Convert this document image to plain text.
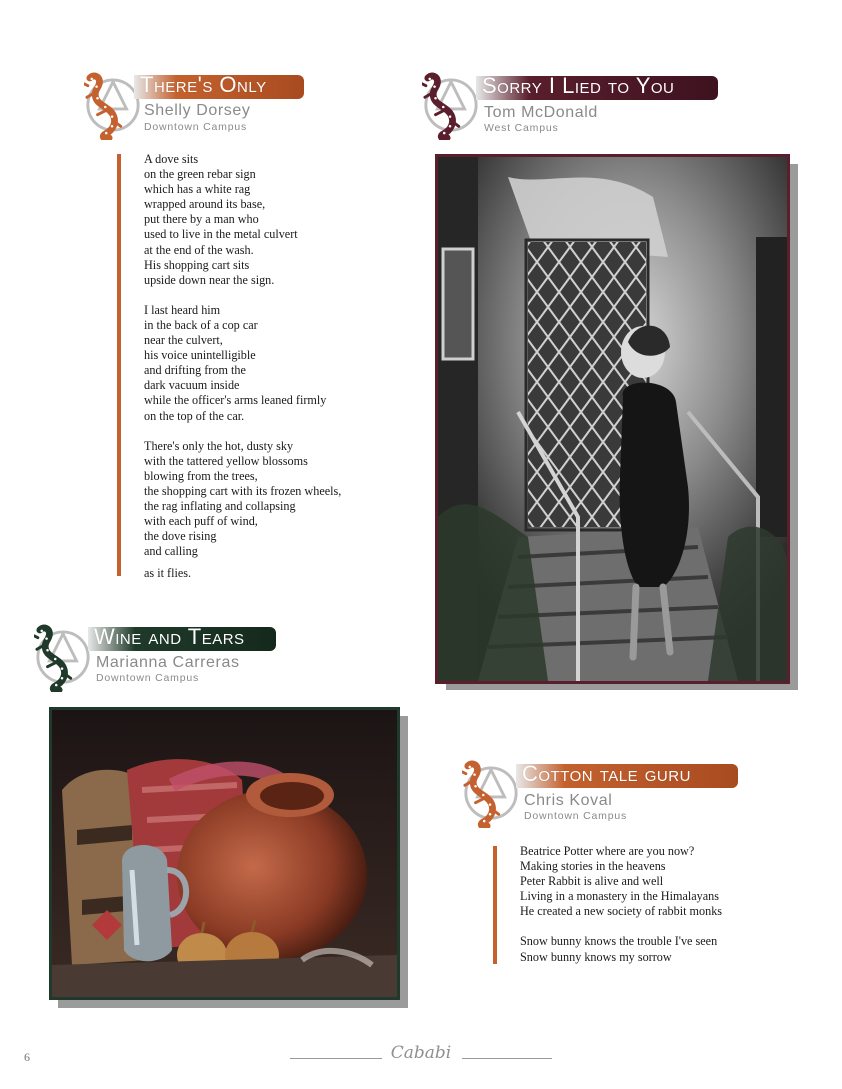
There's Only
Shelly Dorsey
Downtown Campus
A dove sits
on the green rebar sign
which has a white rag
wrapped around its base,
put there by a man who
used to live in the metal culvert
at the end of the wash.
His shopping cart sits
upside down near the sign.
I last heard him
in the back of a cop car
near the culvert,
his voice unintelligible
and drifting from the
dark vacuum inside
while the officer's arms leaned firmly
on the top of the car.
There's only the hot, dusty sky
with the tattered yellow blossoms
blowing from the trees,
the shopping cart with its frozen wheels,
the rag inflating and collapsing
with each puff of wind,
the dove rising
and calling
as it flies.
Sorry I Lied to You
Tom McDonald
West Campus
Wine and Tears
Marianna Carreras
Downtown Campus
Cotton tale guru
Chris Koval
Downtown Campus
Beatrice Potter where are you now?
Making stories in the heavens
Peter Rabbit is alive and well
Living in a monastery in the Himalayans
He created a new society of rabbit monks
Snow bunny knows the trouble I've seen
Snow bunny knows my sorrow
6	Cababi
